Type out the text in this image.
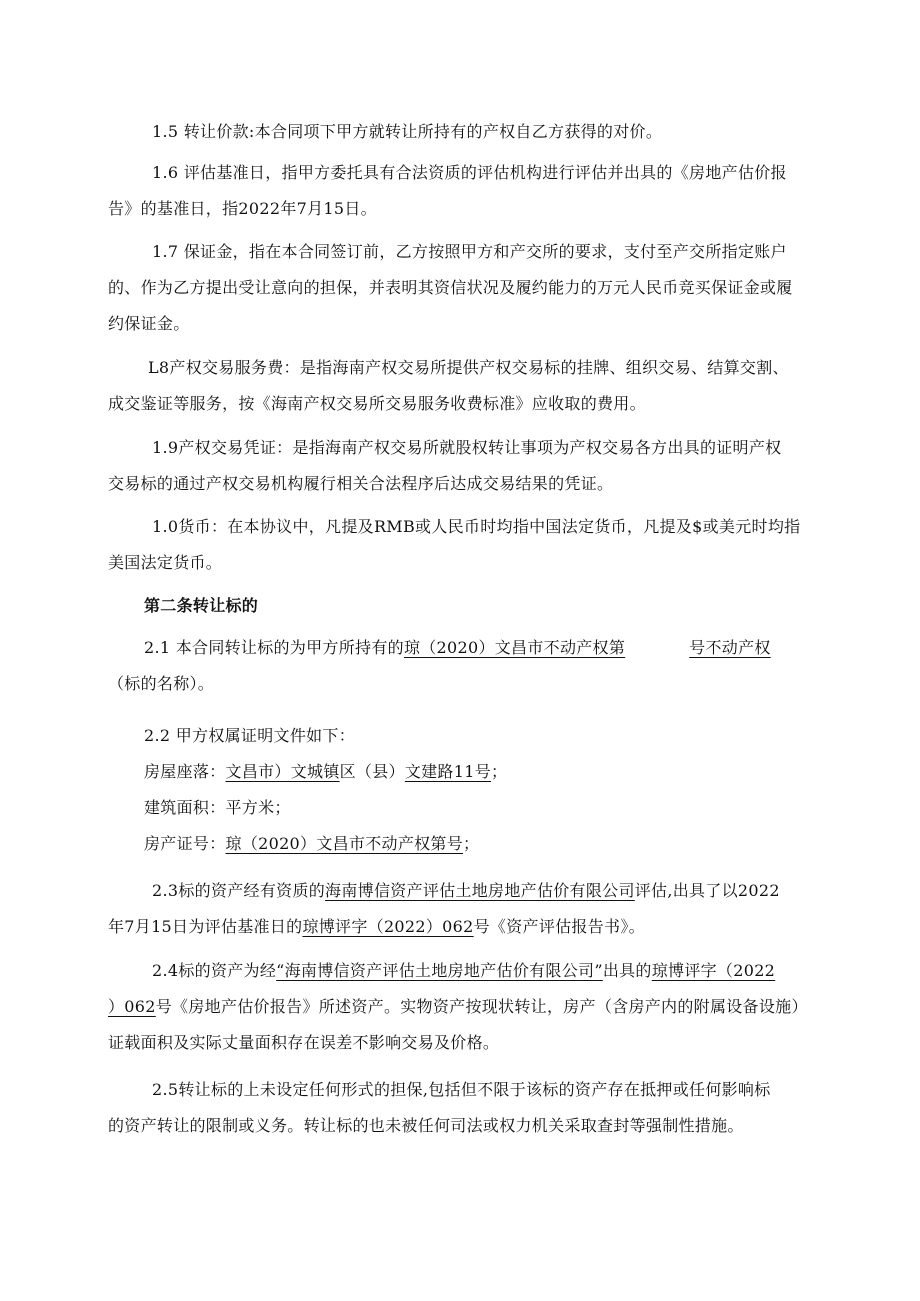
1.5 转让价款:本合同项下甲方就转让所持有的产权自乙方获得的对价。

1.6 评估基准日，指甲方委托具有合法资质的评估机构进行评估并出具的《房地产估价报
告》的基准日，指2022年7月15日。

1.7 保证金，指在本合同签订前，乙方按照甲方和产交所的要求，支付至产交所指定账户
的、作为乙方提出受让意向的担保，并表明其资信状况及履约能力的万元人民币竞买保证金或履
约保证金。

L8产权交易服务费：是指海南产权交易所提供产权交易标的挂牌、组织交易、结算交割、
成交鉴证等服务，按《海南产权交易所交易服务收费标准》应收取的费用。

1.9产权交易凭证：是指海南产权交易所就股权转让事项为产权交易各方出具的证明产权
交易标的通过产权交易机构履行相关合法程序后达成交易结果的凭证。

1.0货币：在本协议中，凡提及RMB或人民币时均指中国法定货币，凡提及$或美元时均指
美国法定货币。

第二条转让标的

2.1 本合同转让标的为甲方所持有的琼（2020）文昌市不动产权第	号不动产权
（标的名称）。

2.2 甲方权属证明文件如下：
房屋座落：文昌市）文城镇区（县）文建路11号；
建筑面积：平方米；
房产证号：琼（2020）文昌市不动产权第号；

2.3标的资产经有资质的海南博信资产评估土地房地产估价有限公司评估,出具了以2022
年7月15日为评估基准日的琼博评字（2022）062号《资产评估报告书》。

2.4标的资产为经“海南博信资产评估土地房地产估价有限公司”出具的琼博评字（2022
）062号《房地产估价报告》所述资产。实物资产按现状转让，房产（含房产内的附属设备设施）
证载面积及实际丈量面积存在误差不影响交易及价格。

2.5转让标的上未设定任何形式的担保,包括但不限于该标的资产存在抵押或任何影响标
的资产转让的限制或义务。转让标的也未被任何司法或权力机关采取查封等强制性措施。
